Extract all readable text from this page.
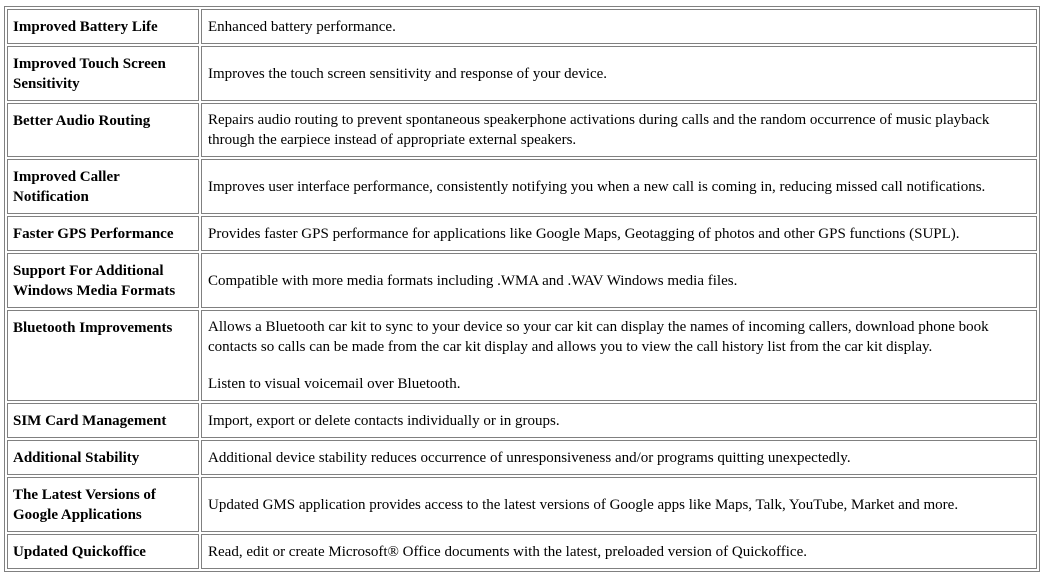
Improved Battery Life	Enhanced battery performance.

Improved Touch Screen Sensitivity	Improves the touch screen sensitivity and response of your device.

Better Audio Routing	Repairs audio routing to prevent spontaneous speakerphone activations during calls and the random occurrence of music playback through the earpiece instead of appropriate external speakers.

Improved Caller Notification	Improves user interface performance, consistently notifying you when a new call is coming in, reducing missed call notifications.

Faster GPS Performance	Provides faster GPS performance for applications like Google Maps, Geotagging of photos and other GPS functions (SUPL).

Support For Additional Windows Media Formats	Compatible with more media formats including .WMA and .WAV Windows media files.

Bluetooth Improvements	Allows a Bluetooth car kit to sync to your device so your car kit can display the names of incoming callers, download phone book contacts so calls can be made from the car kit display and allows you to view the call history list from the car kit display.

Listen to visual voicemail over Bluetooth.

SIM Card Management	Import, export or delete contacts individually or in groups.

Additional Stability	Additional device stability reduces occurrence of unresponsiveness and/or programs quitting unexpectedly.

The Latest Versions of Google Applications	Updated GMS application provides access to the latest versions of Google apps like Maps, Talk, YouTube, Market and more.

Updated Quickoffice	Read, edit or create Microsoft® Office documents with the latest, preloaded version of Quickoffice.
